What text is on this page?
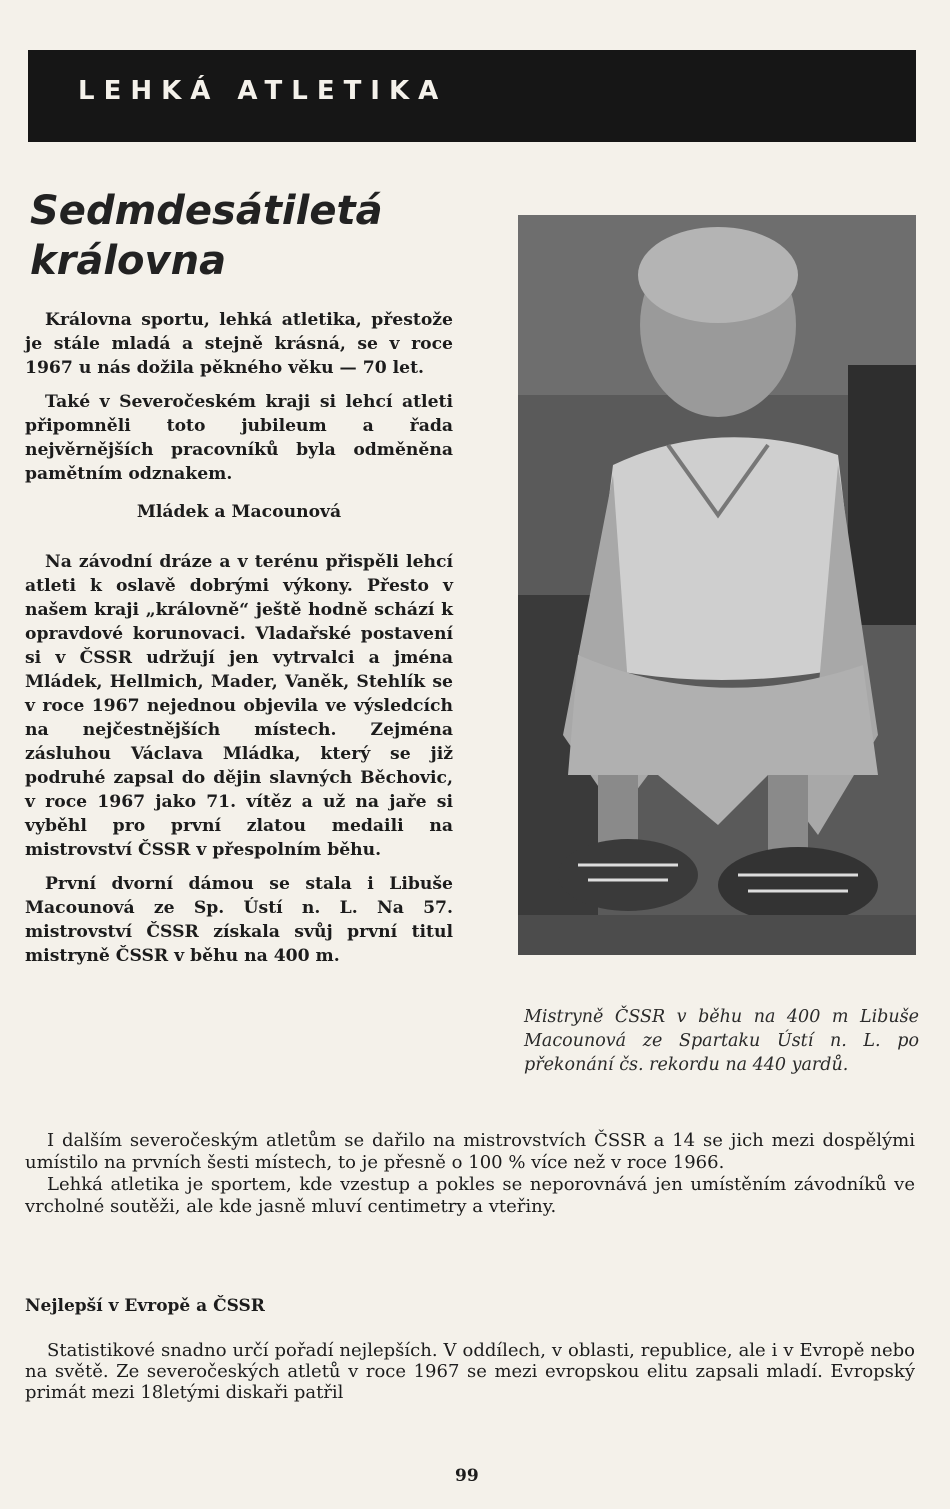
LEHKÁ ATLETIKA
Sedmdesátiletá královna

Královna sportu, lehká atletika, přestože je stále mladá a stejně krásná, se v roce 1967 u nás dožila pěkného věku — 70 let.

Také v Severočeském kraji si lehcí atleti připomněli toto jubileum a řada nejvěrnějších pracovníků byla odměněna pamětním odznakem.

Mládek a Macounová

Na závodní dráze a v terénu přispěli lehcí atleti k oslavě dobrými výkony. Přesto v našem kraji „královně“ ještě hodně schází k opravdové korunovaci. Vladařské postavení si v ČSSR udržují jen vytrvalci a jména Mládek, Hellmich, Mader, Vaněk, Stehlík se v roce 1967 nejednou objevila ve výsledcích na nejčestnějších místech. Zejména zásluhou Václava Mládka, který se již podruhé zapsal do dějin slavných Běchovic, v roce 1967 jako 71. vítěz a už na jaře si vyběhl pro první zlatou medaili na mistrovství ČSSR v přespolním běhu.

První dvorní dámou se stala i Libuše Macounová ze Sp. Ústí n. L. Na 57. mistrovství ČSSR získala svůj první titul mistryně ČSSR v běhu na 400 m.

Mistryně ČSSR v běhu na 400 m Libuše Macounová ze Spartaku Ústí n. L. po překonání čs. rekordu na 440 yardů.

I dalším severočeským atletům se dařilo na mistrovstvích ČSSR a 14 se jich mezi dospělými umístilo na prvních šesti místech, to je přesně o 100 % více než v roce 1966.

Lehká atletika je sportem, kde vzestup a pokles se neporovnává jen umístěním závodníků ve vrcholné soutěži, ale kde jasně mluví centimetry a vteřiny.

Nejlepší v Evropě a ČSSR

Statistikové snadno určí pořadí nejlepších. V oddílech, v oblasti, republice, ale i v Evropě nebo na světě. Ze severočeských atletů v roce 1967 se mezi evropskou elitu zapsali mladí. Evropský primát mezi 18letými diskaři patřil

99
